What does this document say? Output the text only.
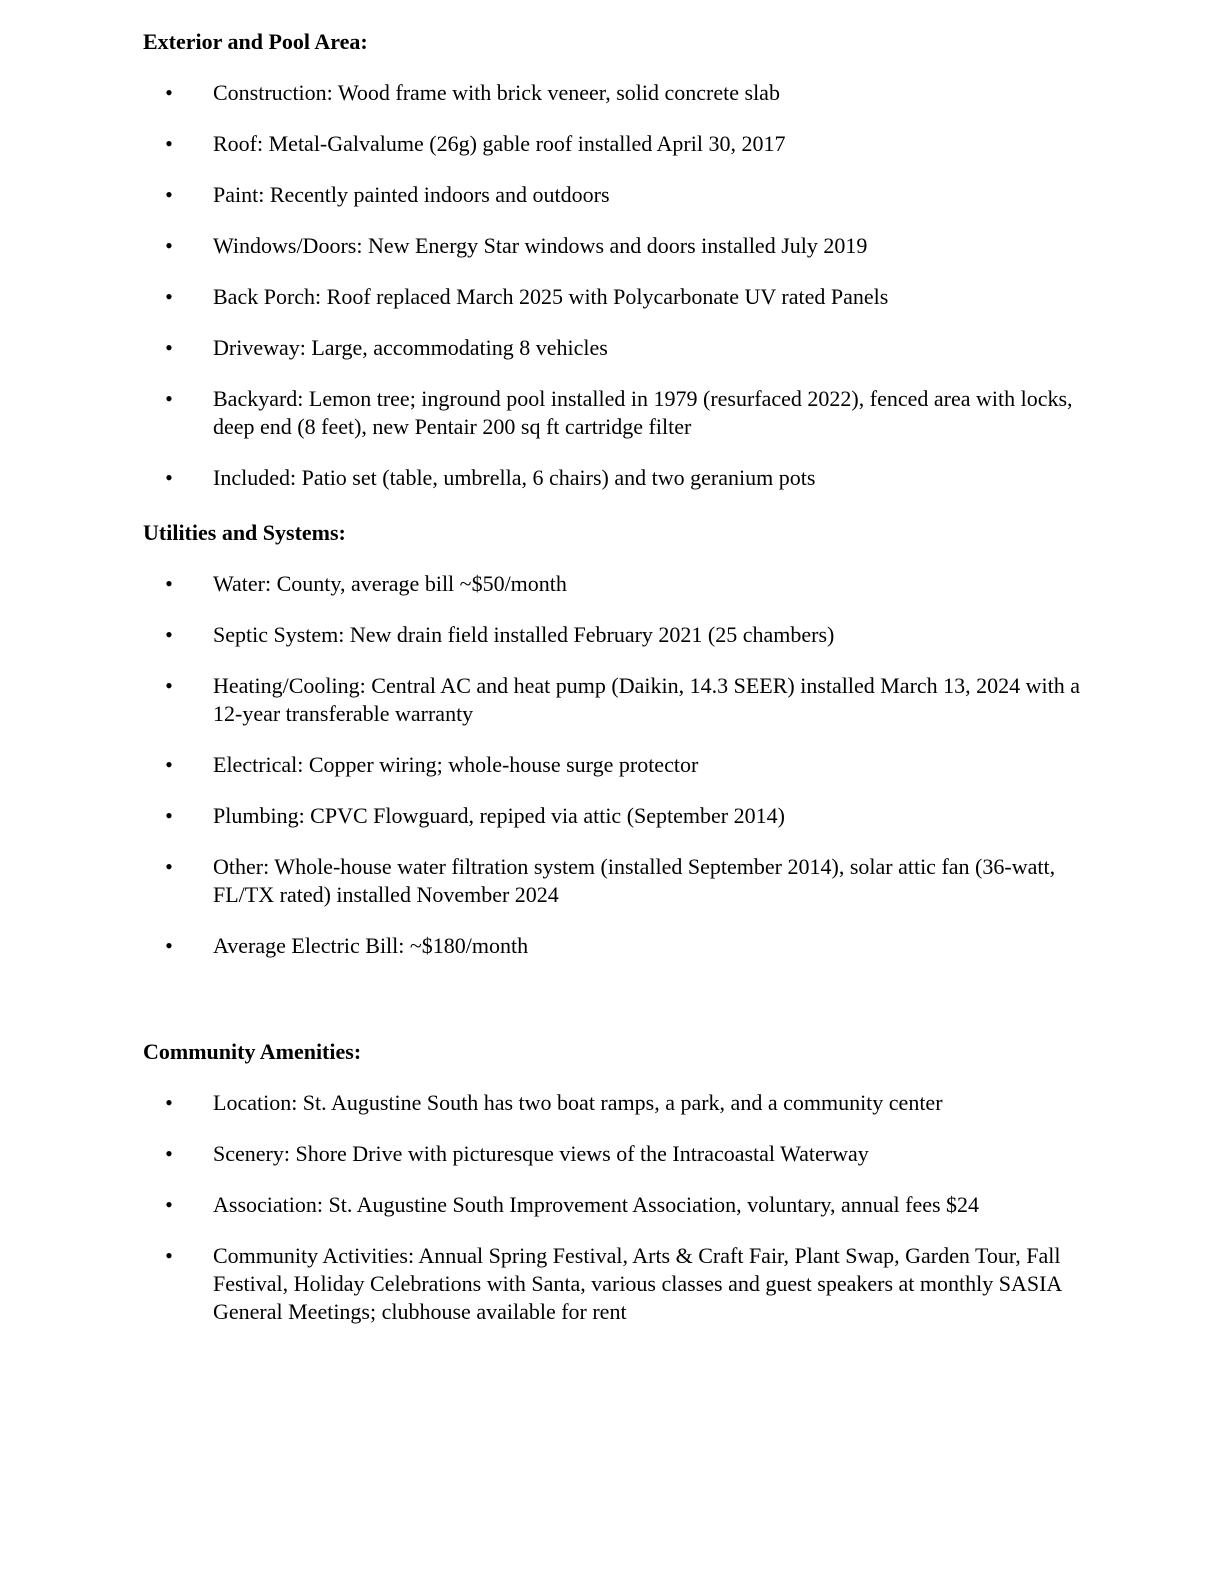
Exterior and Pool Area:
• Construction: Wood frame with brick veneer, solid concrete slab
• Roof: Metal-Galvalume (26g) gable roof installed April 30, 2017
• Paint: Recently painted indoors and outdoors
• Windows/Doors: New Energy Star windows and doors installed July 2019
• Back Porch: Roof replaced March 2025 with Polycarbonate UV rated Panels
• Driveway: Large, accommodating 8 vehicles
• Backyard: Lemon tree; inground pool installed in 1979 (resurfaced 2022), fenced area with locks, deep end (8 feet), new Pentair 200 sq ft cartridge filter
• Included: Patio set (table, umbrella, 6 chairs) and two geranium pots
Utilities and Systems:
• Water: County, average bill ~$50/month
• Septic System: New drain field installed February 2021 (25 chambers)
• Heating/Cooling: Central AC and heat pump (Daikin, 14.3 SEER) installed March 13, 2024 with a 12-year transferable warranty
• Electrical: Copper wiring; whole-house surge protector
• Plumbing: CPVC Flowguard, repiped via attic (September 2014)
• Other: Whole-house water filtration system (installed September 2014), solar attic fan (36-watt, FL/TX rated) installed November 2024
• Average Electric Bill: ~$180/month
Community Amenities:
• Location: St. Augustine South has two boat ramps, a park, and a community center
• Scenery: Shore Drive with picturesque views of the Intracoastal Waterway
• Association: St. Augustine South Improvement Association, voluntary, annual fees $24
• Community Activities: Annual Spring Festival, Arts & Craft Fair, Plant Swap, Garden Tour, Fall Festival, Holiday Celebrations with Santa, various classes and guest speakers at monthly SASIA General Meetings; clubhouse available for rent
